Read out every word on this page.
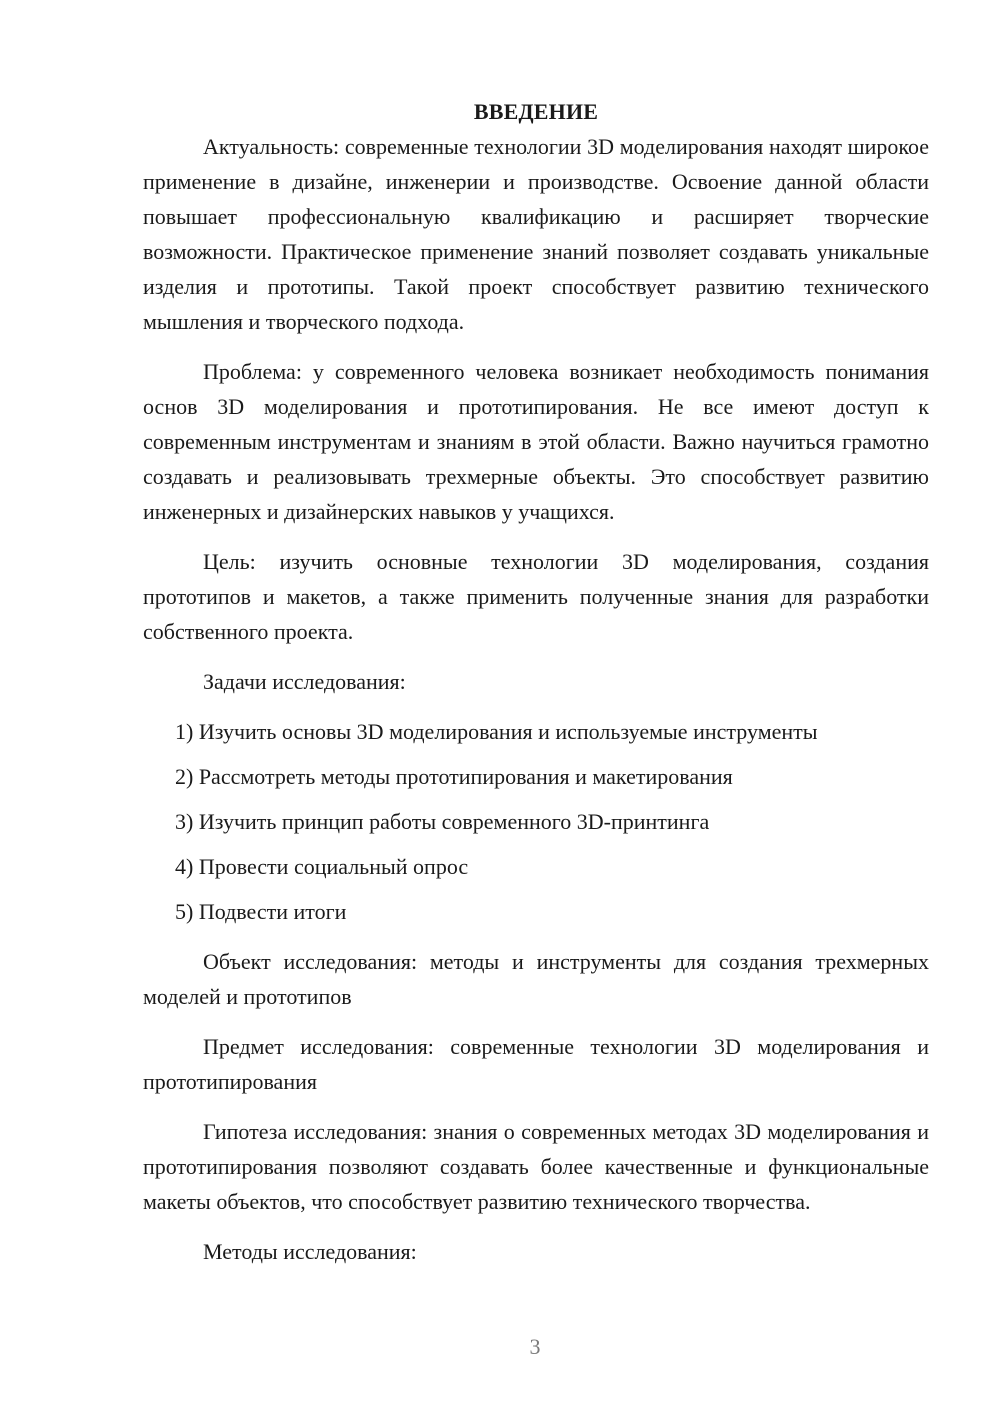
ВВЕДЕНИЕ

Актуальность: современные технологии 3D моделирования находят широкое применение в дизайне, инженерии и производстве. Освоение данной области повышает профессиональную квалификацию и расширяет творческие возможности. Практическое применение знаний позволяет создавать уникальные изделия и прототипы. Такой проект способствует развитию технического мышления и творческого подхода.

Проблема: у современного человека возникает необходимость понимания основ 3D моделирования и прототипирования. Не все имеют доступ к современным инструментам и знаниям в этой области. Важно научиться грамотно создавать и реализовывать трехмерные объекты. Это способствует развитию инженерных и дизайнерских навыков у учащихся.

Цель: изучить основные технологии 3D моделирования, создания прототипов и макетов, а также применить полученные знания для разработки собственного проекта.

Задачи исследования:

1) Изучить основы 3D моделирования и используемые инструменты
2) Рассмотреть методы прототипирования и макетирования
3) Изучить принцип работы современного 3D-принтинга
4) Провести социальный опрос
5) Подвести итоги

Объект исследования: методы и инструменты для создания трехмерных моделей и прототипов

Предмет исследования: современные технологии 3D моделирования и прототипирования

Гипотеза исследования: знания о современных методах 3D моделирования и прототипирования позволяют создавать более качественные и функциональные макеты объектов, что способствует развитию технического творчества.

Методы исследования:

3
